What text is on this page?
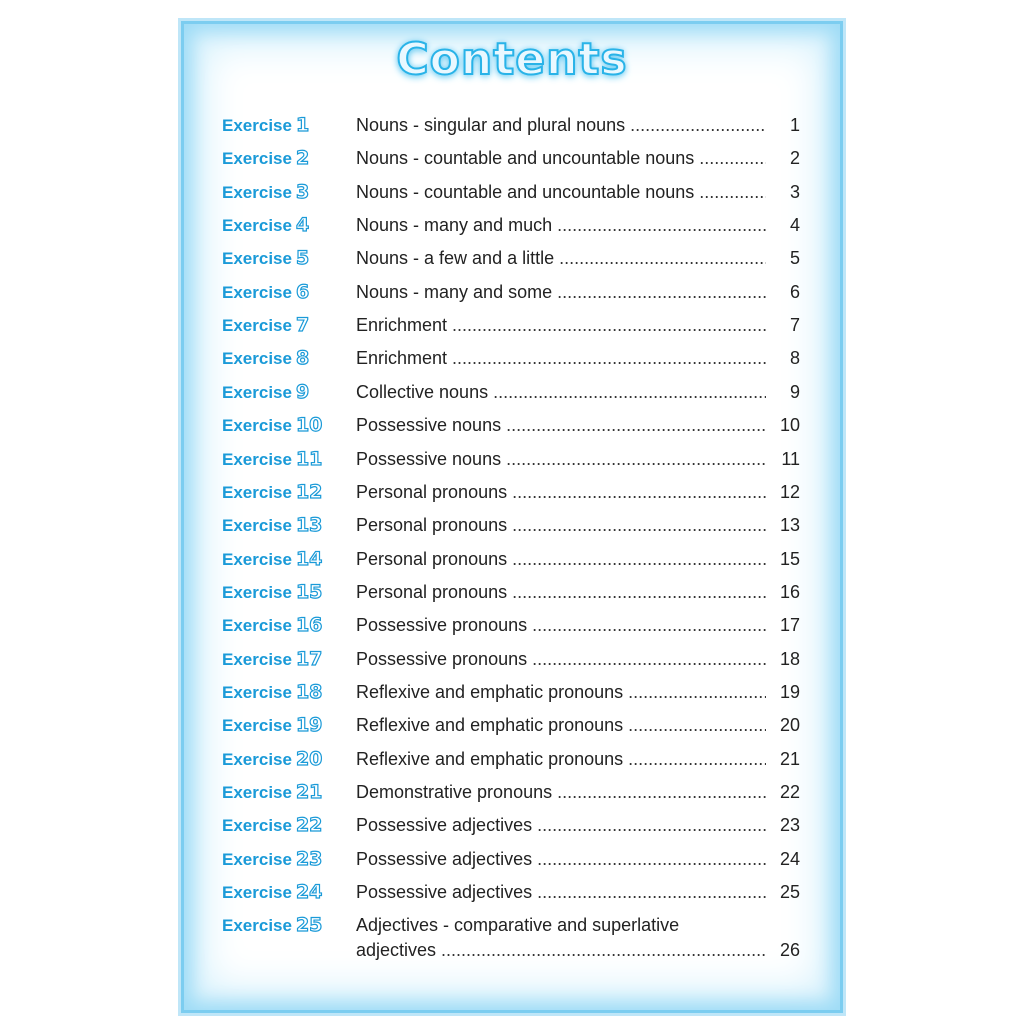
Contents
Exercise 1	Nouns - singular and plural nouns .....	1
Exercise 2	Nouns - countable and uncountable nouns .....	2
Exercise 3	Nouns - countable and uncountable nouns .....	3
Exercise 4	Nouns - many and much .....	4
Exercise 5	Nouns - a few and a little .....	5
Exercise 6	Nouns - many and some .....	6
Exercise 7	Enrichment .....	7
Exercise 8	Enrichment .....	8
Exercise 9	Collective nouns .....	9
Exercise 10 Possessive nouns .....	10
Exercise 11 Possessive nouns .....	11
Exercise 12 Personal pronouns .....	12
Exercise 13 Personal pronouns .....	13
Exercise 14 Personal pronouns .....	15
Exercise 15 Personal pronouns .....	16
Exercise 16 Possessive pronouns .....	17
Exercise 17 Possessive pronouns .....	18
Exercise 18 Reflexive and emphatic pronouns .....	19
Exercise 19 Reflexive and emphatic pronouns .....	20
Exercise 20 Reflexive and emphatic pronouns .....	21
Exercise 21 Demonstrative pronouns .....	22
Exercise 22 Possessive adjectives .....	23
Exercise 23 Possessive adjectives .....	24
Exercise 24 Possessive adjectives .....	25
Exercise 25 Adjectives - comparative and superlative
adjectives .....	26
